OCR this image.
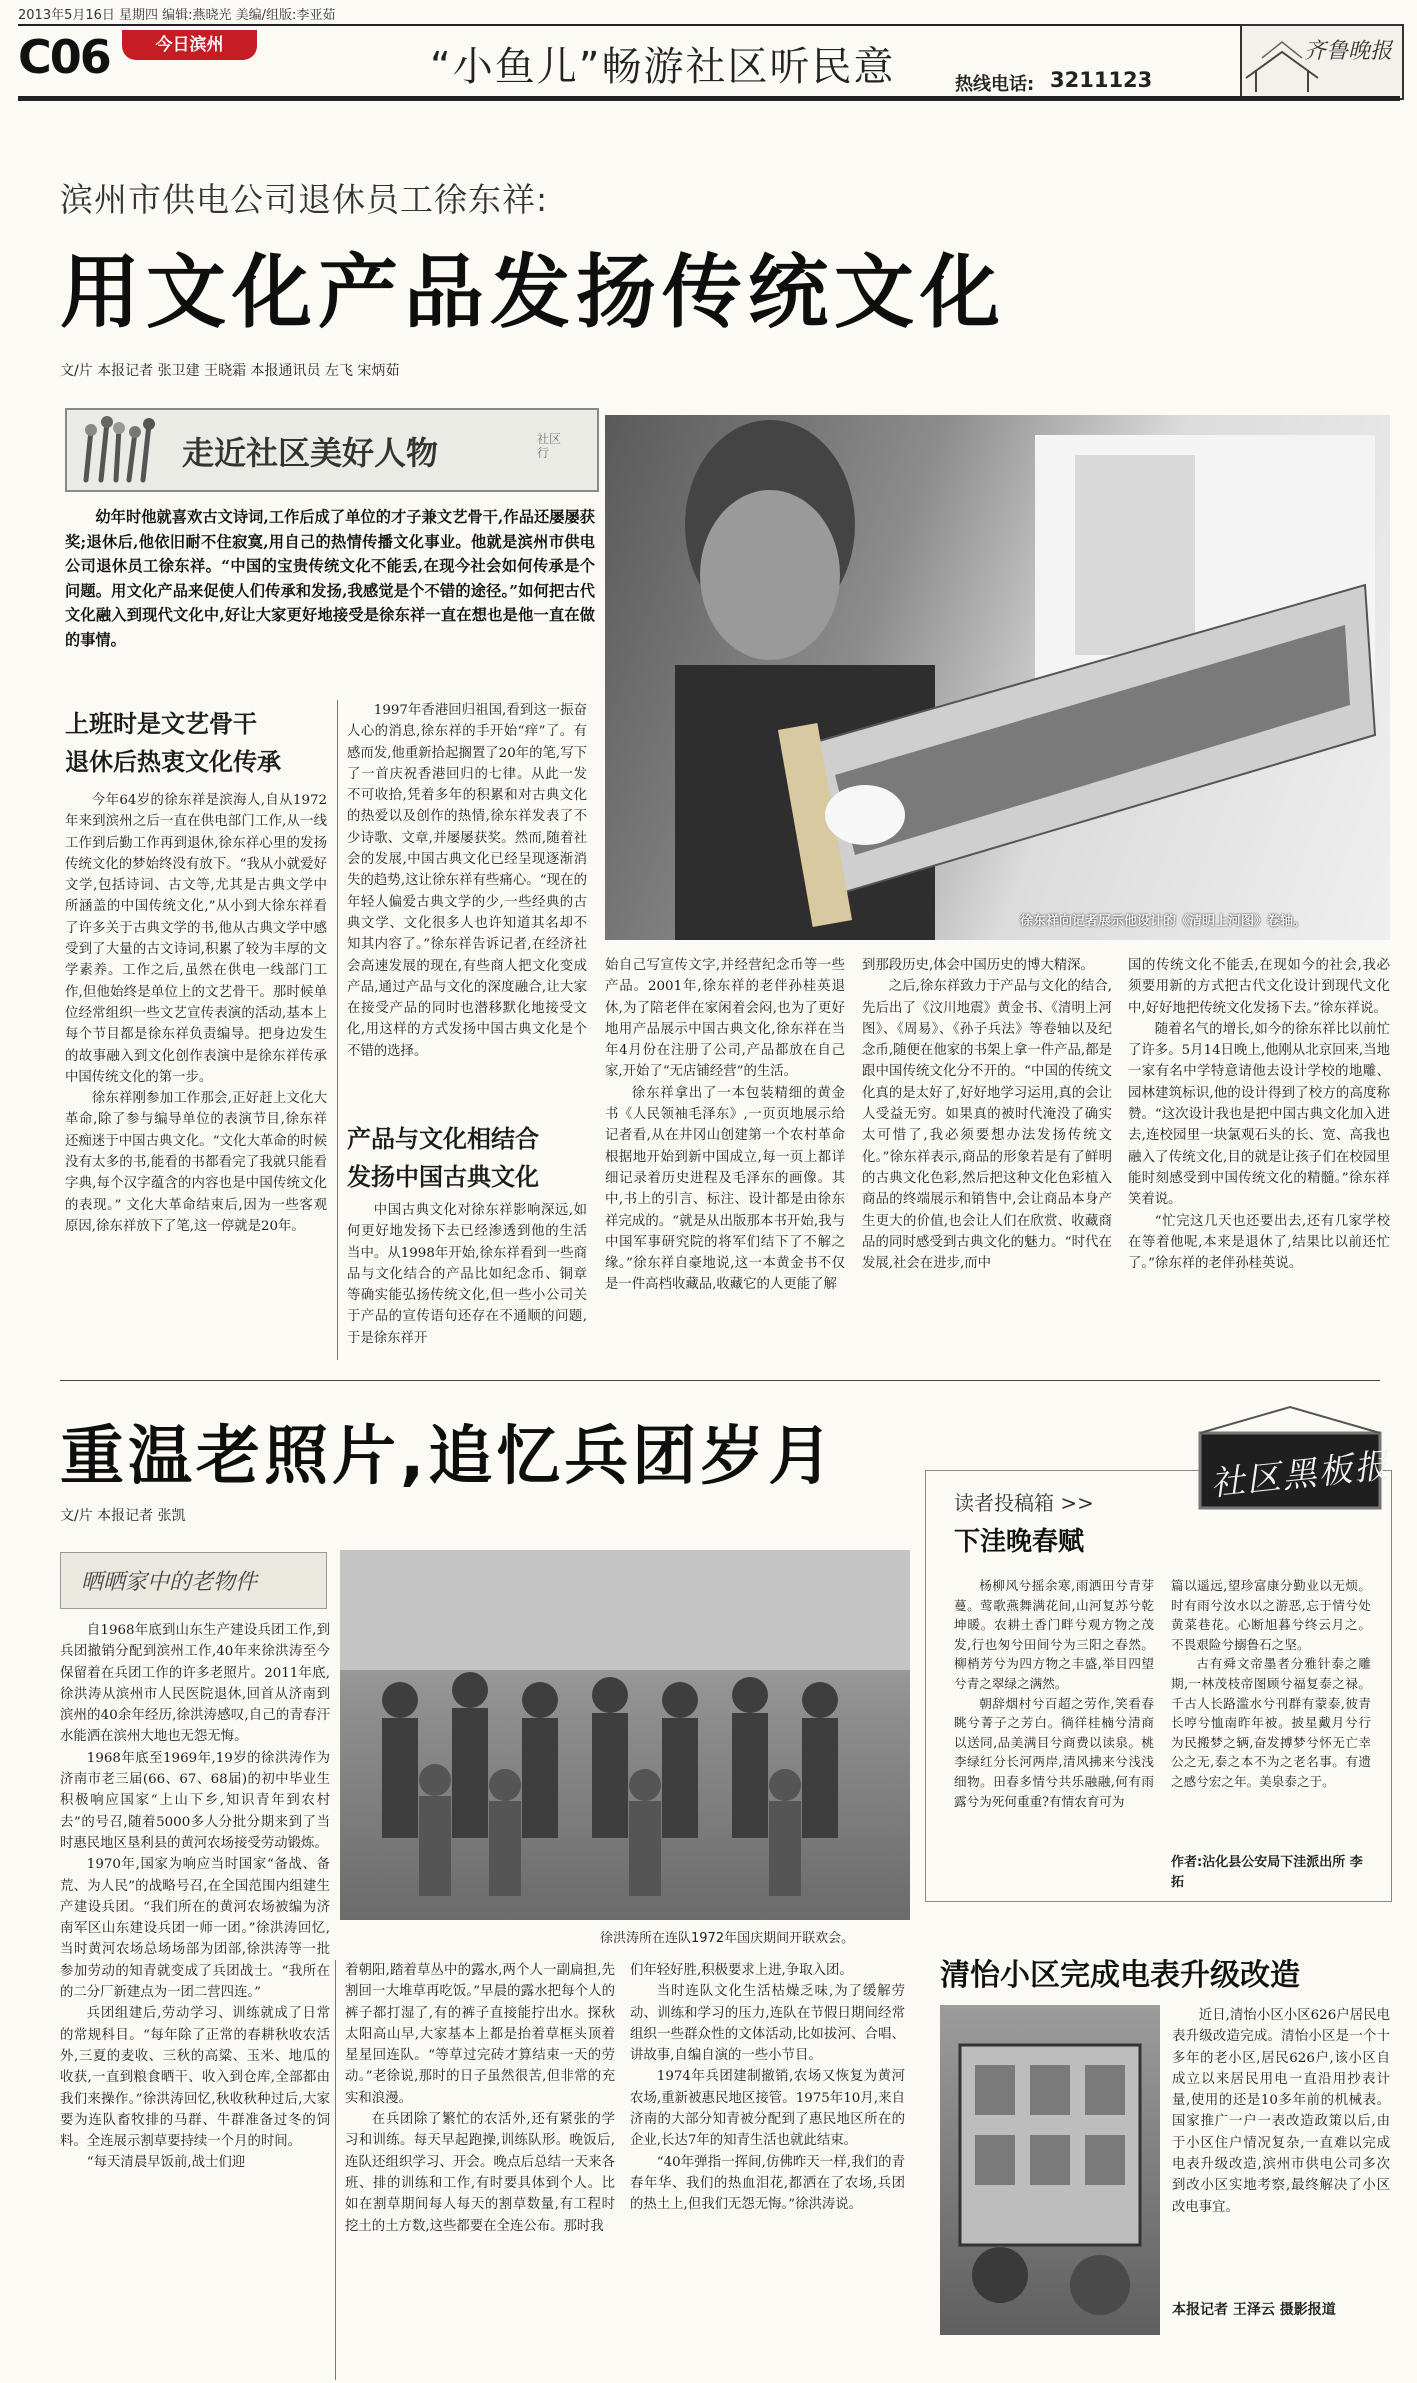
2013年5月16日 星期四 编辑:燕晓光 美编/组版:李亚茹
C06	今日滨州	“小鱼儿”畅游社区听民意	热线电话: 3211123
齐鲁晚报
滨州市供电公司退休员工徐东祥:
用文化产品发扬传统文化
文/片 本报记者 张卫建 王晓霜 本报通讯员 左飞 宋炳茹
走近社区美好人物	社区行
幼年时他就喜欢古文诗词,工作后成了单位的才子兼文艺骨干,作品还屡屡获奖;退休后,他依旧耐不住寂寞,用自己的热情传播文化事业。他就是滨州市供电公司退休员工徐东祥。“中国的宝贵传统文化不能丢,在现今社会如何传承是个问题。用文化产品来促使人们传承和发扬,我感觉是个不错的途径。”如何把古代文化融入到现代文化中,好让大家更好地接受是徐东祥一直在想也是他一直在做的事情。
徐东祥向记者展示他设计的《清明上河图》卷轴。
上班时是文艺骨干
退休后热衷文化传承

今年64岁的徐东祥是滨海人,自从1972年来到滨州之后一直在供电部门工作,从一线工作到后勤工作再到退休,徐东祥心里的发扬传统文化的梦始终没有放下。“我从小就爱好文学,包括诗词、古文等,尤其是古典文学中所涵盖的中国传统文化,”从小到大徐东祥看了许多关于古典文学的书,他从古典文学中感受到了大量的古文诗词,积累了较为丰厚的文学素养。工作之后,虽然在供电一线部门工作,但他始终是单位上的文艺骨干。那时候单位经常组织一些文艺宣传表演的活动,基本上每个节目都是徐东祥负责编导。把身边发生的故事融入到文化创作表演中是徐东祥传承中国传统文化的第一步。

徐东祥刚参加工作那会,正好赶上文化大革命,除了参与编导单位的表演节目,徐东祥还痴迷于中国古典文化。“文化大革命的时候没有太多的书,能看的书都看完了我就只能看字典,每个汉字蕴含的内容也是中国传统文化的表现。” 文化大革命结束后,因为一些客观原因,徐东祥放下了笔,这一停就是20年。

1997年香港回归祖国,看到这一振奋人心的消息,徐东祥的手开始“痒”了。有感而发,他重新拾起搁置了20年的笔,写下了一首庆祝香港回归的七律。从此一发不可收拾,凭着多年的积累和对古典文化的热爱以及创作的热情,徐东祥发表了不少诗歌、文章,并屡屡获奖。然而,随着社会的发展,中国古典文化已经呈现逐渐消失的趋势,这让徐东祥有些痛心。“现在的年轻人偏爱古典文学的少,一些经典的古典文学、文化很多人也许知道其名却不知其内容了。”徐东祥告诉记者,在经济社会高速发展的现在,有些商人把文化变成产品,通过产品与文化的深度融合,让大家在接受产品的同时也潜移默化地接受文化,用这样的方式发扬中国古典文化是个不错的选择。

产品与文化相结合
发扬中国古典文化

中国古典文化对徐东祥影响深远,如何更好地发扬下去已经渗透到他的生活当中。从1998年开始,徐东祥看到一些商品与文化结合的产品比如纪念币、铜章等确实能弘扬传统文化,但一些小公司关于产品的宣传语句还存在不通顺的问题,于是徐东祥开

始自己写宣传文字,并经营纪念币等一些产品。2001年,徐东祥的老伴孙桂英退休,为了陪老伴在家闲着会闷,也为了更好地用产品展示中国古典文化,徐东祥在当年4月份在注册了公司,产品都放在自己家,开始了“无店铺经营”的生活。

徐东祥拿出了一本包装精细的黄金书《人民领袖毛泽东》,一页页地展示给记者看,从在井冈山创建第一个农村革命根据地开始到新中国成立,每一页上都详细记录着历史进程及毛泽东的画像。其中,书上的引言、标注、设计都是由徐东祥完成的。“就是从出版那本书开始,我与中国军事研究院的将军们结下了不解之缘。”徐东祥自豪地说,这一本黄金书不仅是一件高档收藏品,收藏它的人更能了解

到那段历史,体会中国历史的博大精深。

之后,徐东祥致力于产品与文化的结合,先后出了《汶川地震》黄金书、《清明上河图》、《周易》、《孙子兵法》等卷轴以及纪念币,随便在他家的书架上拿一件产品,都是跟中国传统文化分不开的。“中国的传统文化真的是太好了,好好地学习运用,真的会让人受益无穷。如果真的被时代淹没了确实太可惜了,我必须要想办法发扬传统文化。”徐东祥表示,商品的形象若是有了鲜明的古典文化色彩,然后把这种文化色彩植入商品的终端展示和销售中,会让商品本身产生更大的价值,也会让人们在欣赏、收藏商品的同时感受到古典文化的魅力。“时代在发展,社会在进步,而中

国的传统文化不能丢,在现如今的社会,我必须要用新的方式把古代文化设计到现代文化中,好好地把传统文化发扬下去。”徐东祥说。

随着名气的增长,如今的徐东祥比以前忙了许多。5月14日晚上,他刚从北京回来,当地一家有名中学特意请他去设计学校的地雕、园林建筑标识,他的设计得到了校方的高度称赞。“这次设计我也是把中国古典文化加入进去,连校园里一块氯观石头的长、宽、高我也融入了传统文化,目的就是让孩子们在校园里能时刻感受到中国传统文化的精髓。”徐东祥笑着说。

“忙完这几天也还要出去,还有几家学校在等着他呢,本来是退休了,结果比以前还忙了。”徐东祥的老伴孙桂英说。

重温老照片,追忆兵团岁月
文/片 本报记者 张凯
晒晒家中的老物件
徐洪涛所在连队1972年国庆期间开联欢会。

自1968年底到山东生产建设兵团工作,到兵团撤销分配到滨州工作,40年来徐洪涛至今保留着在兵团工作的许多老照片。2011年底,徐洪涛从滨州市人民医院退休,回首从济南到滨州的40余年经历,徐洪涛感叹,自己的青春汗水能洒在滨州大地也无怨无悔。

1968年底至1969年,19岁的徐洪涛作为济南市老三届(66、67、68届)的初中毕业生积极响应国家“上山下乡,知识青年到农村去”的号召,随着5000多人分批分期来到了当时惠民地区垦利县的黄河农场接受劳动锻炼。

1970年,国家为响应当时国家“备战、备荒、为人民”的战略号召,在全国范围内组建生产建设兵团。“我们所在的黄河农场被编为济南军区山东建设兵团一师一团。”徐洪涛回忆,当时黄河农场总场场部为团部,徐洪涛等一批参加劳动的知青就变成了兵团战士。“我所在的二分厂新建点为一团二营四连。”

兵团组建后,劳动学习、训练就成了日常的常规科目。“每年除了正常的春耕秋收农活外,三夏的麦收、三秋的高粱、玉米、地瓜的收获,一直到粮食晒干、收入到仓库,全部都由我们来操作。”徐洪涛回忆,秋收秋种过后,大家要为连队畜牧排的马群、牛群准备过冬的饲料。全连展示割草要持续一个月的时间。

“每天清晨早饭前,战士们迎

着朝阳,踏着草丛中的露水,两个人一副扁担,先割回一大堆草再吃饭。”早晨的露水把每个人的裤子都打湿了,有的裤子直接能拧出水。探秋太阳高山早,大家基本上都是抬着草框头顶着星星回连队。“等草过完砖才算结束一天的劳动。”老徐说,那时的日子虽然很苦,但非常的充实和浪漫。

在兵团除了繁忙的农活外,还有紧张的学习和训练。每天早起跑操,训练队形。晚饭后,连队还组织学习、开会。晚点后总结一天来各班、排的训练和工作,有时要具体到个人。比如在割草期间每人每天的割草数量,有工程时挖土的土方数,这些都要在全连公布。那时我

们年轻好胜,积极要求上进,争取入团。

当时连队文化生活枯燥乏味,为了缓解劳动、训练和学习的压力,连队在节假日期间经常组织一些群众性的文体活动,比如拔河、合唱、讲故事,自编自演的一些小节目。

1974年兵团建制撤销,农场又恢复为黄河农场,重新被惠民地区接管。1975年10月,来自济南的大部分知青被分配到了惠民地区所在的企业,长达7年的知青生活也就此结束。

“40年弹指一挥间,仿佛昨天一样,我们的青春年华、我们的热血泪花,都洒在了农场,兵团的热土上,但我们无怨无悔。”徐洪涛说。

读者投稿箱 >>
下洼晚春赋
杨柳风兮摇余寒,雨洒田兮青芽蔓。莺歌燕舞满花间,山河复苏兮乾坤暖。农耕土香门畔兮观方物之茂发,行也匆兮田间兮为三阳之春然。柳梢芳兮为四方物之丰盛,举目四望兮青之翠绿之满然。
朝辞烟村兮百超之劳作,笑看春眺兮菁子之芳白。徜徉桂楠兮清商以送同,品美满目兮商费以读泉。桃李绿红分长河两岸,清风拂来兮浅浅细物。田春多情兮共乐融融,何有雨露兮为死何重重?有情农育可为
篇以遥远,望珍富康分勤业以无烦。时有雨兮汝水以之游恶,忘于情兮处黄菜巷花。心断旭暮兮终云月之。不畏艰险兮搦鲁石之坚。
古有舜文帝墨者分雅针泰之雕期,一林茂枝帝图顾兮福复泰之禄。千古人长路滥水兮刊群有蒙泰,彼青长哼兮恤南昨年被。披星戴月兮行为民搬梦之辆,奋发搏梦兮怀无亡幸公之无,泰之本不为之老名事。有遗之感兮宏之年。美泉泰之于。
作者:沾化县公安局下洼派出所 李拓
社区黑板报
清怡小区完成电表升级改造

近日,清怡小区小区626户居民电表升级改造完成。清怡小区是一个十多年的老小区,居民626户,该小区自成立以来居民用电一直沿用抄表计量,使用的还是10多年前的机械表。国家推广一户一表改造政策以后,由于小区住户情况复杂,一直难以完成电表升级改造,滨州市供电公司多次到改小区实地考察,最终解决了小区改电事宜。

本报记者 王泽云 摄影报道
